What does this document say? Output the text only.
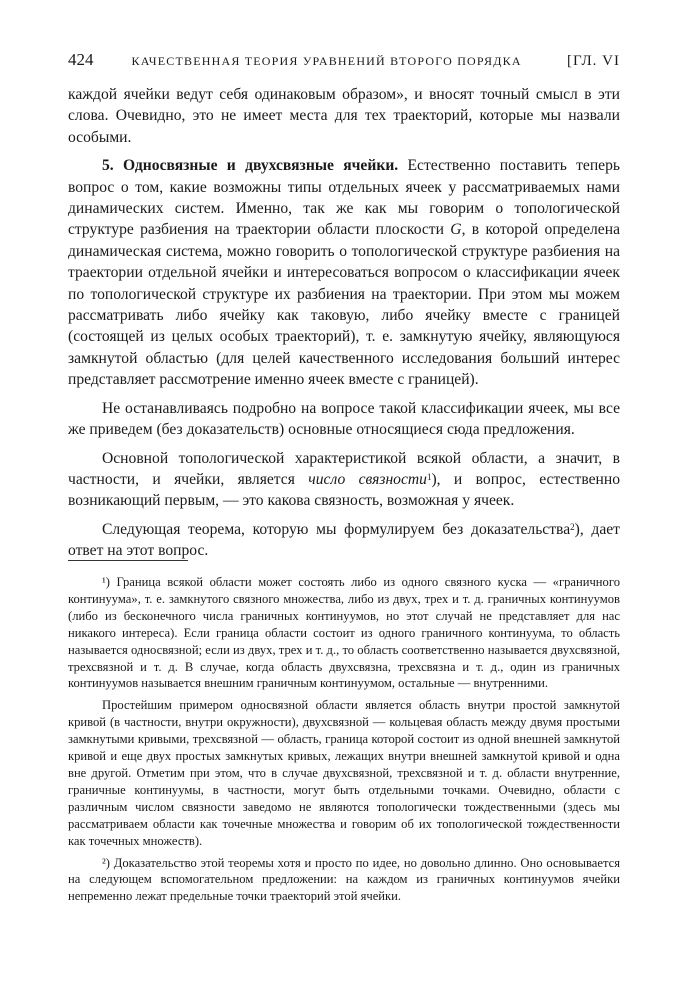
424	КАЧЕСТВЕННАЯ ТЕОРИЯ УРАВНЕНИЙ ВТОРОГО ПОРЯДКА	[ГЛ. VI

каждой ячейки ведут себя одинаковым образом», и вносят точный смысл в эти слова. Очевидно, это не имеет места для тех траекторий, которые мы назвали особыми.

5. Односвязные и двухсвязные ячейки. Естественно поставить теперь вопрос о том, какие возможны типы отдельных ячеек у рассматриваемых нами динамических систем. Именно, так же как мы говорим о топологической структуре разбиения на траектории области плоскости G, в которой определена динамическая система, можно говорить о топологической структуре разбиения на траектории отдельной ячейки и интересоваться вопросом о классификации ячеек по топологической структуре их разбиения на траектории. При этом мы можем рассматривать либо ячейку как таковую, либо ячейку вместе с границей (состоящей из целых особых траекторий), т. е. замкнутую ячейку, являющуюся замкнутой областью (для целей качественного исследования больший интерес представляет рассмотрение именно ячеек вместе с границей).

Не останавливаясь подробно на вопросе такой классификации ячеек, мы все же приведем (без доказательств) основные относящиеся сюда предложения.

Основной топологической характеристикой всякой области, а значит, в частности, и ячейки, является число связности$^1$), и вопрос, естественно возникающий первым, — это какова связность, возможная у ячеек.

Следующая теорема, которую мы формулируем без доказательства$^2$), дает ответ на этот вопрос.

¹) Граница всякой области может состоять либо из одного связного куска — «граничного континуума», т. е. замкнутого связного множества, либо из двух, трех и т. д. граничных континуумов (либо из бесконечного числа граничных континуумов, но этот случай не представляет для нас никакого интереса). Если граница области состоит из одного граничного континуума, то область называется односвязной; если из двух, трех и т. д., то область соответственно называется двухсвязной, трехсвязной и т. д. В случае, когда область двухсвязна, трехсвязна и т. д., один из граничных континуумов называется внешним граничным континуумом, остальные — внутренними.

Простейшим примером односвязной области является область внутри простой замкнутой кривой (в частности, внутри окружности), двухсвязной — кольцевая область между двумя простыми замкнутыми кривыми, трехсвязной — область, граница которой состоит из одной внешней замкнутой кривой и еще двух простых замкнутых кривых, лежащих внутри внешней замкнутой кривой и одна вне другой. Отметим при этом, что в случае двухсвязной, трехсвязной и т. д. области внутренние, граничные континуумы, в частности, могут быть отдельными точками. Очевидно, области с различным числом связности заведомо не являются топологически тождественными (здесь мы рассматриваем области как точечные множества и говорим об их топологической тождественности как точечных множеств).

²) Доказательство этой теоремы хотя и просто по идее, но довольно длинно. Оно основывается на следующем вспомогательном предложении: на каждом из граничных континуумов ячейки непременно лежат предельные точки траекторий этой ячейки.
